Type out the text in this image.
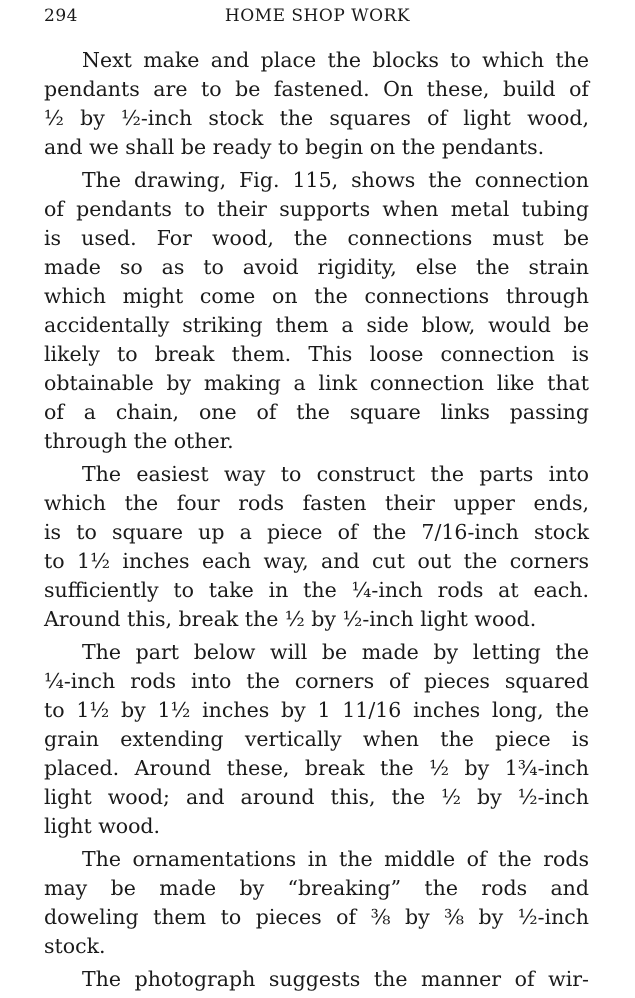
294	HOME SHOP WORK

Next make and place the blocks to which the
pendants are to be fastened. On these, build of
½ by ½-inch stock the squares of light wood,
and we shall be ready to begin on the pendants.

The drawing, Fig. 115, shows the connection
of pendants to their supports when metal tubing
is used. For wood, the connections must be
made so as to avoid rigidity, else the strain
which might come on the connections through
accidentally striking them a side blow, would be
likely to break them. This loose connection is
obtainable by making a link connection like that
of a chain, one of the square links passing
through the other.

The easiest way to construct the parts into
which the four rods fasten their upper ends,
is to square up a piece of the 7/16-inch stock
to 1½ inches each way, and cut out the corners
sufficiently to take in the ¼-inch rods at each.
Around this, break the ½ by ½-inch light wood.

The part below will be made by letting the
¼-inch rods into the corners of pieces squared
to 1½ by 1½ inches by 1 11/16 inches long, the
grain extending vertically when the piece is
placed. Around these, break the ½ by 1¾-inch
light wood; and around this, the ½ by ½-inch
light wood.

The ornamentations in the middle of the rods
may be made by “breaking” the rods and
doweling them to pieces of ⅜ by ⅜ by ½-inch
stock.

The photograph suggests the manner of wir-
